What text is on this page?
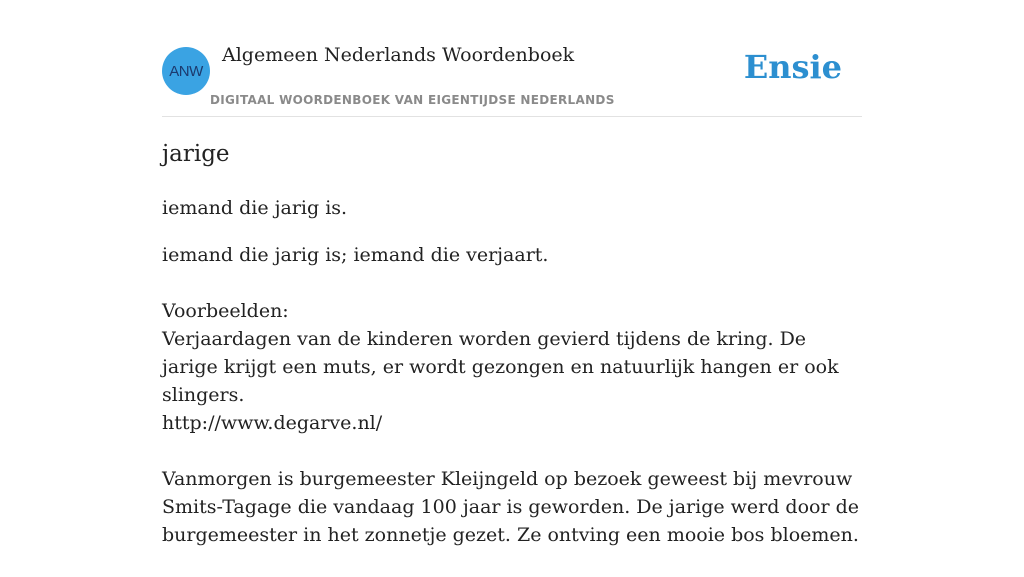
ANW
Algemeen Nederlands Woordenboek
DIGITAAL WOORDENBOEK VAN EIGENTIJDSE NEDERLANDS
Ensie
jarige

iemand die jarig is.

iemand die jarig is; iemand die verjaart.

Voorbeelden:

Verjaardagen van de kinderen worden gevierd tijdens de kring. De jarige krijgt een muts, er wordt gezongen en natuurlijk hangen er ook slingers.
http://www.degarve.nl/

Vanmorgen is burgemeester Kleijngeld op bezoek geweest bij mevrouw Smits-Tagage die vandaag 100 jaar is geworden. De jarige werd door de burgemeester in het zonnetje gezet. Ze ontving een mooie bos bloemen.
